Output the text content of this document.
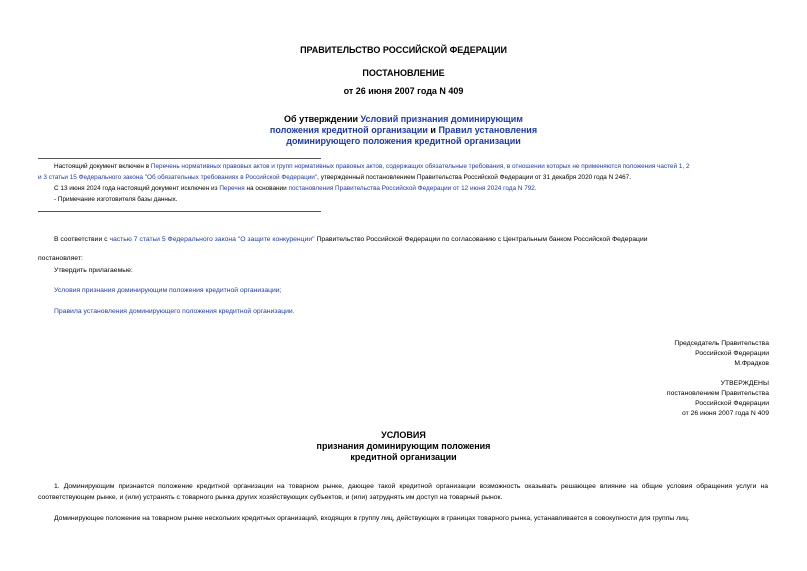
ПРАВИТЕЛЬСТВО РОССИЙСКОЙ ФЕДЕРАЦИИ
ПОСТАНОВЛЕНИЕ
от 26 июня 2007 года N 409
Об утверждении Условий признания доминирующим
положения кредитной организации и Правил установления
доминирующего положения кредитной организации
Настоящий документ включен в Перечень нормативных правовых актов и групп нормативных правовых актов, содержащих обязательные требования, в отношении которых не применяются положения частей 1, 2
и 3 статьи 15 Федерального закона "Об обязательных требованиях в Российской Федерации", утвержденный постановлением Правительства Российской Федерации от 31 декабря 2020 года N 2467.
С 13 июня 2024 года настоящий документ исключен из Перечня на основании постановления Правительства Российской Федерации от 12 июня 2024 года N 792.
- Примечание изготовителя базы данных.
В соответствии с частью 7 статьи 5 Федерального закона "О защите конкуренции" Правительство Российской Федерации по согласованию с Центральным банком Российской Федерации
постановляет:
Утвердить прилагаемые:
Условия признания доминирующим положения кредитной организации;
Правила установления доминирующего положения кредитной организации.
Председатель Правительства
Российской Федерации
М.Фрадков
УТВЕРЖДЕНЫ
постановлением Правительства
Российской Федерации
от 26 июня 2007 года N 409
УСЛОВИЯ
признания доминирующим положения
кредитной организации
1. Доминирующим признается положение кредитной организации на товарном рынке, дающее такой кредитной организации возможность оказывать решающее влияние на общие условия обращения услуги на соответствующем рынке, и (или) устранять с товарного рынка других хозяйствующих субъектов, и (или) затруднять им доступ на товарный рынок.
Доминирующее положение на товарном рынке нескольких кредитных организаций, входящих в группу лиц, действующих в границах товарного рынка, устанавливается в совокупности для группы лиц.
